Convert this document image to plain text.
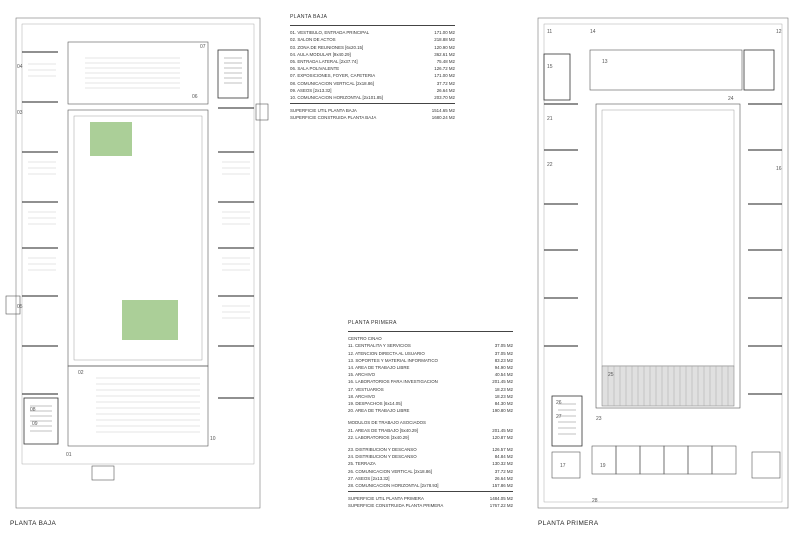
01
02
03
04
05
06
07
08
09
10
PLANTA BAJA
11	12
13
14
15
16
17	19
21
22
23
24
25
26
27
28
PLANTA PRIMERA
PLANTA BAJA
01. VESTIBULO, ENTRADA PRINCIPAL	171.00 M2
02. SALON DE ACTOS	218.88 M2
03. ZONA DE REUNIONES [6x20.15]	120.90 M2
04. AULA MODULAR [9x40.29]	362.61 M2
05. ENTRADA LATERAL [2x37.74]	75.48 M2
06. SALA POLIVALENTE	126.72 M2
07. EXPOSICIONES, FOYER, CAFETERIA	171.00 M2
08. COMUNICACION VERTICAL [2x18.86]	37.72 M2
09. ASEOS [2x13.32]	26.64 M2
10. COMUNICACION HORIZONTAL [2x101.85]	203.70 M2
SUPERFICIE UTIL PLANTA BAJA	1514.65 M2
SUPERFICIE CONSTRUIDA PLANTA BAJA	1680.24 M2
PLANTA PRIMERA
CENTRO CINAO
11. CENTRALITA Y SERVICIOS	37.05 M2
12. ATENCION DIRECTA AL USUARIO	37.05 M2
13. SOPORTES Y MATERIAL INFORMATICO	83.23 M2
14. AREA DE TRABAJO LIBRE	94.90 M2
15. ARCHIVO	40.54 M2
16. LABORATORIOS PARA INVESTIGACION	201.45 M2
17. VESTUARIOS	18.23 M2
18. ARCHIVO	18.23 M2
19. DESPACHOS [6x14.05]	84.30 M2
20. AREA DE TRABAJO LIBRE	190.80 M2
MODULOS DE TRABAJO ASOCIADOS
21. AREAS DE TRABAJO [5x40.29]	201.45 M2
22. LABORATORIOS [3x40.29]	120.87 M2
23. DISTRIBUCION Y DESCANSO	126.57 M2
24. DISTRIBUCION Y DESCANSO	84.84 M2
25. TERRAZA	130.32 M2
26. COMUNICACION VERTICAL [2x18.86]	37.72 M2
27. ASEOS [2x13.32]	26.64 M2
28. COMUNICACION HORIZONTAL [2x78.93]	157.86 M2
SUPERFICIE UTIL PLANTA PRIMERA	1484.05 M2
SUPERFICIE CONSTRUIDA PLANTA PRIMERA	1767.22 M2
